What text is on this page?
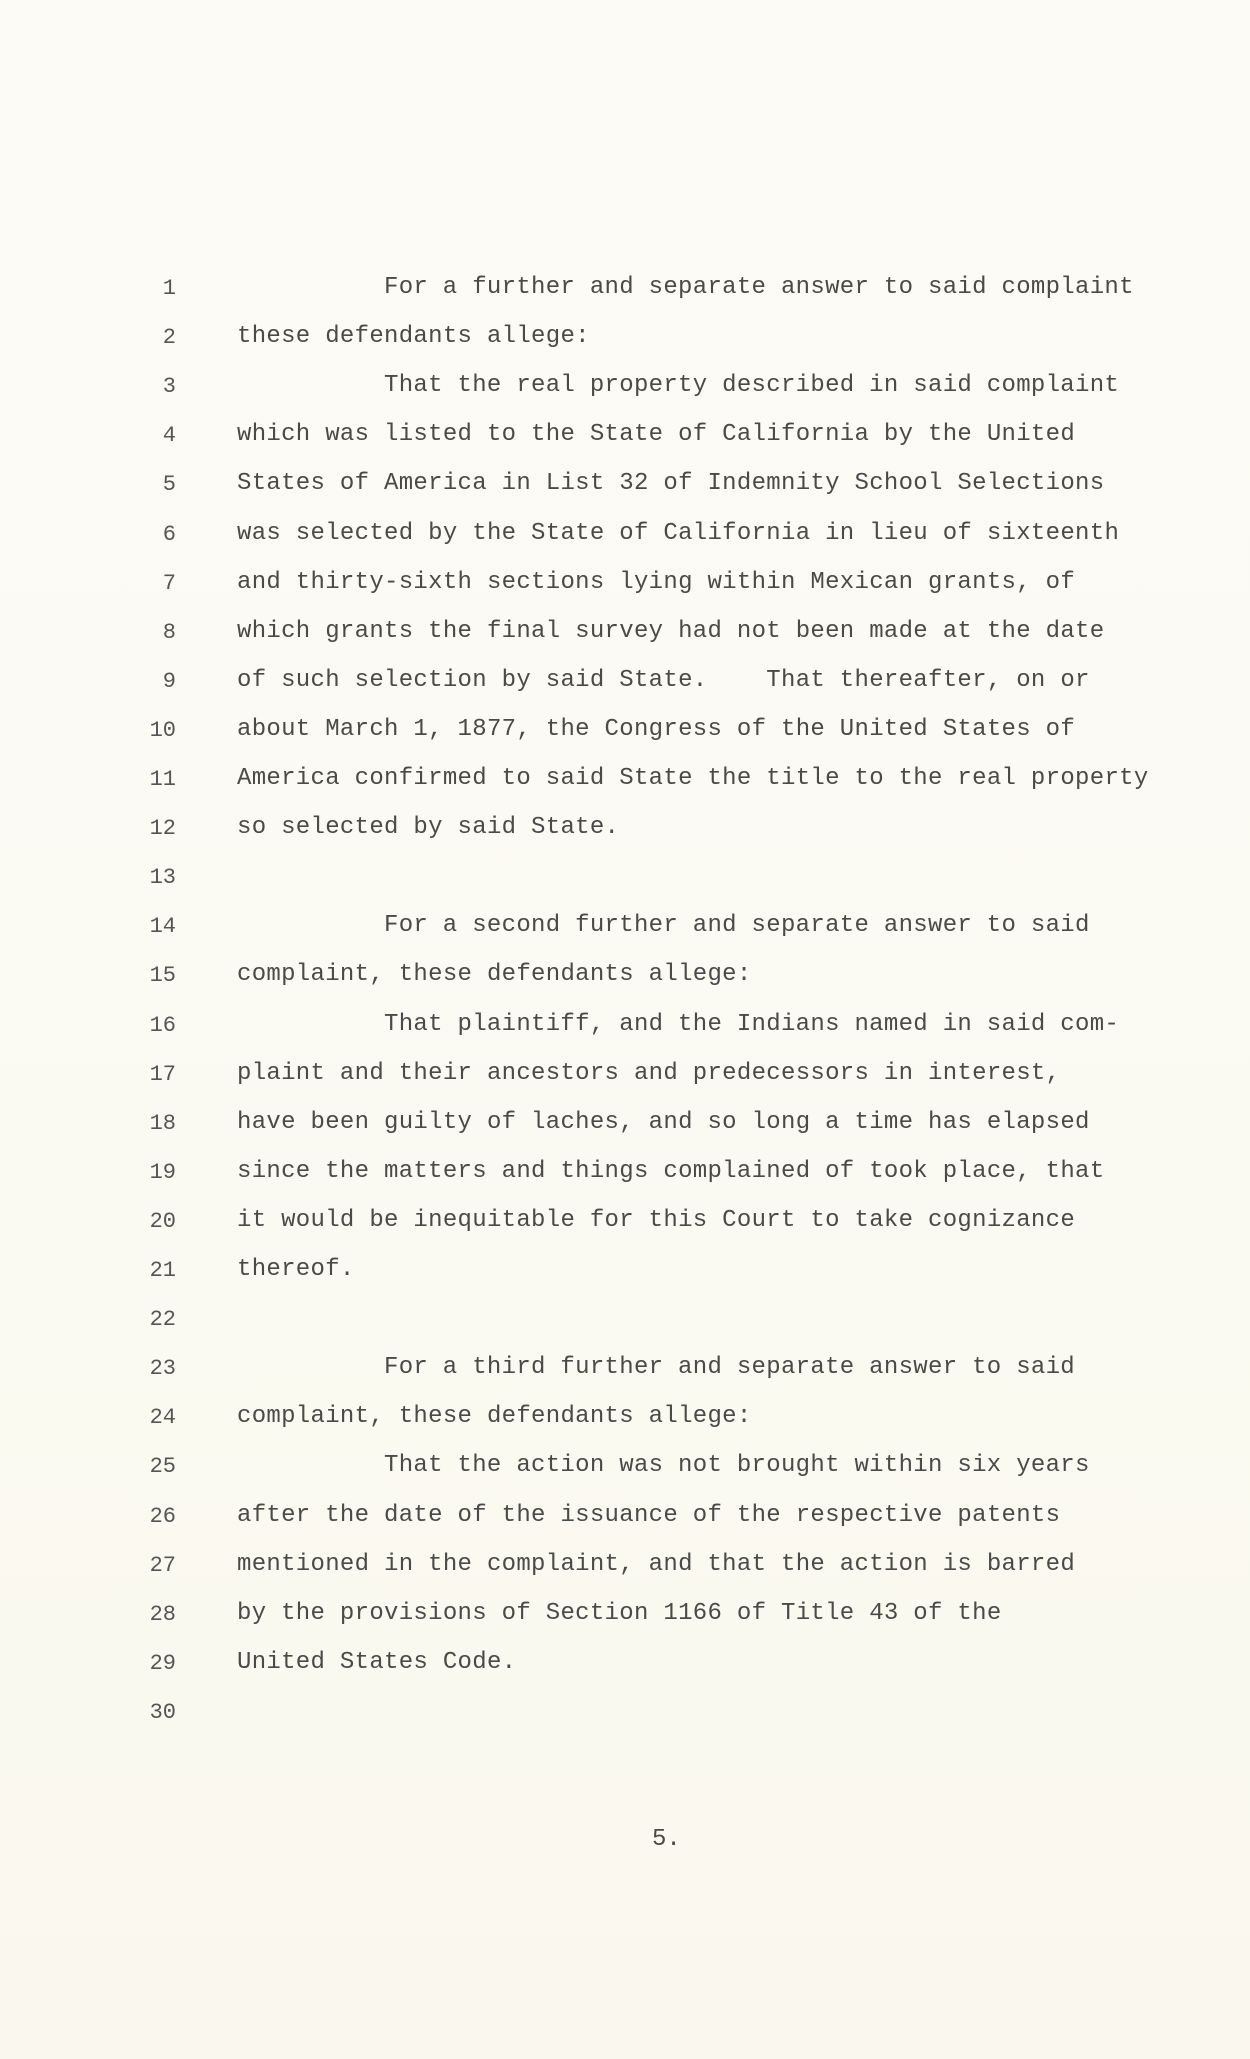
1	For a further and separate answer to said complaint
2	these defendants allege:
3	That the real property described in said complaint
4	which was listed to the State of California by the United
5	States of America in List 32 of Indemnity School Selections
6	was selected by the State of California in lieu of sixteenth
7	and thirty-sixth sections lying within Mexican grants, of
8	which grants the final survey had not been made at the date
9	of such selection by said State.    That thereafter, on or
10	about March 1, 1877, the Congress of the United States of
11	America confirmed to said State the title to the real property
12	so selected by said State.
13
14	For a second further and separate answer to said
15	complaint, these defendants allege:
16	That plaintiff, and the Indians named in said com-
17	plaint and their ancestors and predecessors in interest,
18	have been guilty of laches, and so long a time has elapsed
19	since the matters and things complained of took place, that
20	it would be inequitable for this Court to take cognizance
21	thereof.
22
23	For a third further and separate answer to said
24	complaint, these defendants allege:
25	That the action was not brought within six years
26	after the date of the issuance of the respective patents
27	mentioned in the complaint, and that the action is barred
28	by the provisions of Section 1166 of Title 43 of the
29	United States Code.
30
5.
